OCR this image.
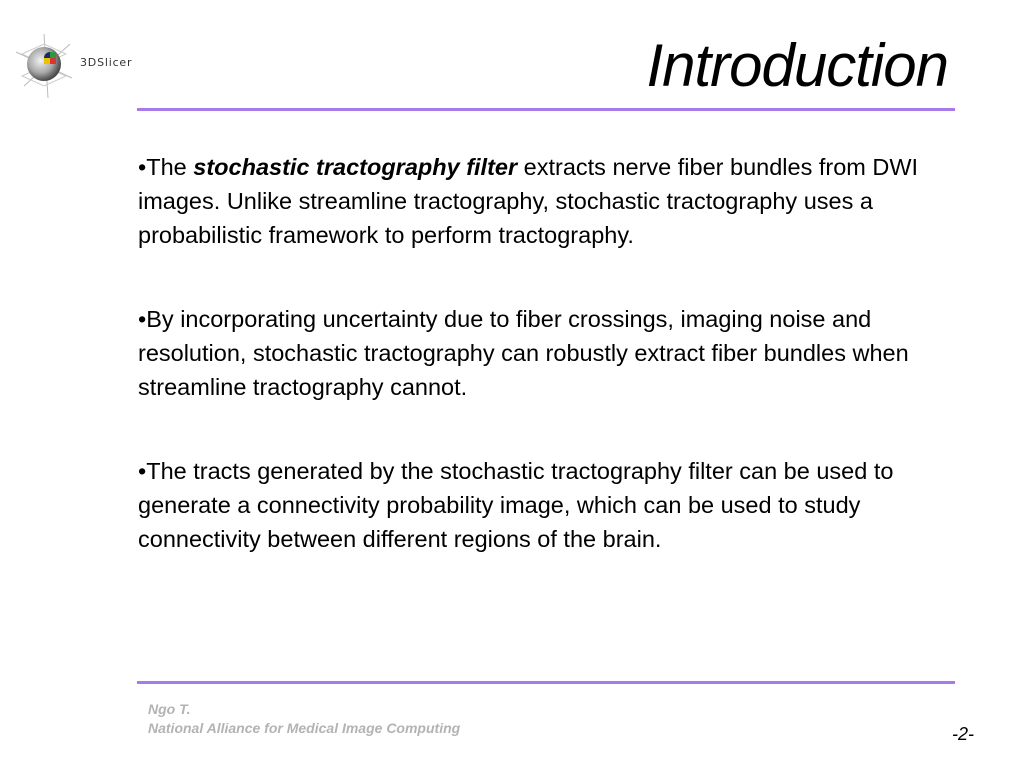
3DSlicer	Introduction

•The stochastic tractography filter extracts nerve fiber bundles from DWI images. Unlike streamline tractography, stochastic tractography uses a probabilistic framework to perform tractography.

•By incorporating uncertainty due to fiber crossings, imaging noise and resolution, stochastic tractography can robustly extract fiber bundles when streamline tractography cannot.

•The tracts generated by the stochastic tractography filter can be used to generate a connectivity probability image, which can be used to study connectivity between different regions of the brain.

Ngo T.
National Alliance for Medical Image Computing	-2-
